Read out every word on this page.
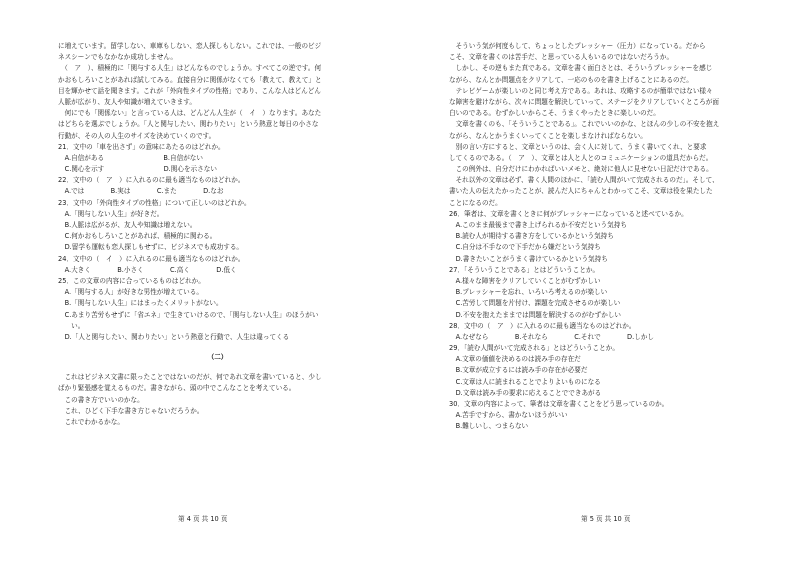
に増えています。留学しない、車庫もしない、恋人探しもしない。これでは、一般のビジ
ネスシーンでもなかなか成功しません。
　（　ア　）、積極的に「関与する人生」はどんなものでしょうか。すべてこの逆です。何
かおもしろいことがあれば試してみる。直接自分に関係がなくても「教えて、教えて」と
目を輝かせて話を聞きます。これが「外向性タイプの性格」であり、こんな人はどんどん
人脈が広がり、友人や知識が増えていきます。
　何にでも「関係ない」と言っている人は、どんどん人生が（　イ　）なります。あなた
はどちらを選ぶでしょうか。「人と関与したい、関わりたい」という熱意と毎日の小さな
行動が、その人の人生のサイズを決めていくのです。
21．文中の「車を出さず」の意味にあたるのはどれか。
　A.自信がある　　　　　　　　　B.自信がない
　C.関心を示す　　　　　　　　　D.関心を示さない
22．文中の（　ア　）に入れるのに最も適当なものはどれか。
　A.では　　　　B.実は　　　　C.また　　　　D.なお
23．文中の「外向性タイプの性格」について正しいのはどれか。
　A.「関与しない人生」が好きだ。
　B.人脈は広がるが、友人や知識は増えない。
　C.何かおもしろいことがあれば、積極的に関わる。
　D.留学も運転も恋人探しもせずに、ビジネスでも成功する。
24．文中の（　イ　）に入れるのに最も適当なものはどれか。
　A.大きく　　　　B.小さく　　　　C.高く　　　　D.低く
25．この文章の内容に合っているものはどれか。
　A.「関与する人」が好きな男性が増えている。
　B.「関与しない人生」にはまったくメリットがない。
　C.あまり苦労もせずに「省エネ」で生きていけるので、「関与しない人生」のほうがい
　　い。
　D.「人と関与したい、関わりたい」という熱意と行動で、人生は違ってくる
（二）
　これはビジネス文書に限ったことではないのだが、何であれ文章を書いていると、少し
ばかり緊張感を覚えるものだ。書きながら、頭の中でこんなことを考えている。
　この書き方でいいのかな。
　これ、ひどく下手な書き方じゃないだろうか。
　これでわかるかな。
第 4 页 共 10 页
　そういう気が何度もして、ちょっとしたプレッシャー（圧力）になっている。だから
こそ、文章を書くのは苦手だ、と思っている人もいるのではないだろうか。
　しかし、その逆もまた真である。文章を書く面白さとは、そういうプレッシャーを感じ
ながら、なんとか問題点をクリアして、一応のものを書き上げることにあるのだ。
　テレビゲームが楽しいのと同じ考え方である。あれは、攻略するのが簡単ではない様々
な障害を避けながら、次々に問題を解決していって、ステージをクリアしていくところが面
白いのである。むずかしいからこそ、うまくやったときに楽しいのだ。
　文章を書くのも、「そういうことである」。これでいいのかな、とほんの少しの不安を抱え
ながら、なんとかうまくいってくことを楽しまなければならない。
　別の言い方にすると、文章というのは、会く人に対して、うまく書いてくれ、と要求
してくるのである。（　ア　）、文章とは人と人とのコミュニケーションの道具だからだ。
　この例外は、自分だけにわかればいいメモと、絶対に他人に見せない日記だけである。
　それ以外の文章は必ず、書く人間のほかに、「読む人間がいて完成されるのだ」。そして、
書いた人の伝えたかったことが、読んだ人にちゃんとわかってこそ、文章は役を果たした
ことになるのだ。
26．筆者は、文章を書くときに何がプレッシャーになっていると述べているか。
　A.このまま最後まで書き上げられるか不安だという気持ち
　B.読む人が期待する書き方をしているかという気持ち
　C.自分は不手なので下手だから嫌だという気持ち
　D.書きたいことがうまく書けているかという気持ち
27．「そういうことである」とはどういうことか。
　A.様々な障害をクリアしていくことがむずかしい
　B.プレッシャーを忘れ、いろいろ考えるのが楽しい
　C.苦労して問題を片付け、課題を完成させるのが楽しい
　D.不安を抱えたままでは問題を解決するのがむずかしい
28．文中の（　ア　）に入れるのに最も適当なものはどれか。
　A.なぜなら　　　　B.それなら　　　　C.それで　　　　D.しかし
29．「読む人間がいて完成される」とはどういうことか。
　A.文章の価値を決めるのは読み手の存在だ
　B.文章が成立するには読み手の存在が必要だ
　C.文章は人に読まれることでよりよいものになる
　D.文章は読み手の要求に応えることでできあがる
30．文章の内容によって、筆者は文章を書くことをどう思っているのか。
　A.苦手ですから、書かないほうがいい
　B.難しいし、つまらない
第 5 页 共 10 页
